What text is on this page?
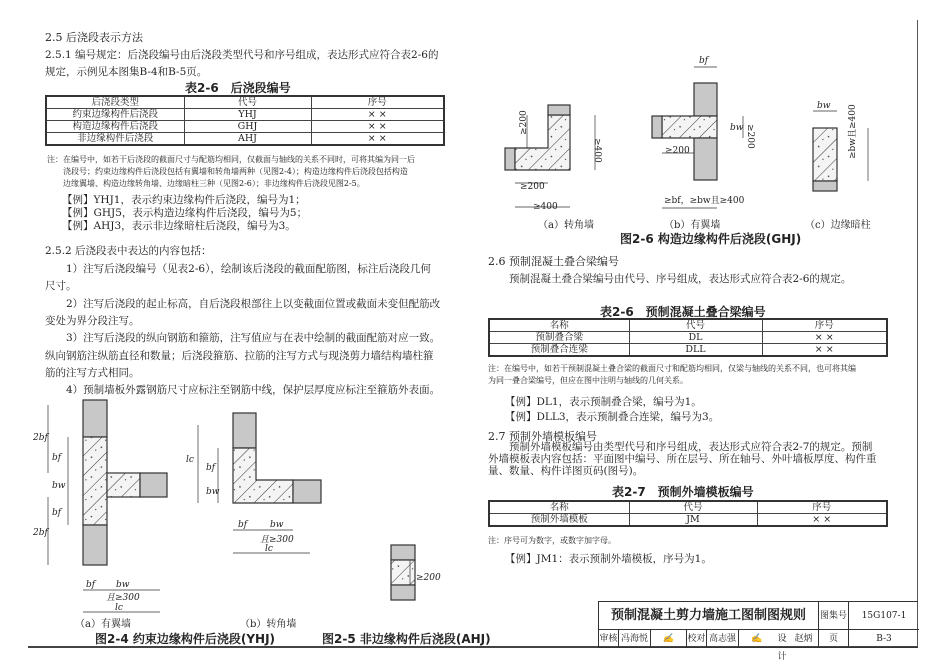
2.5 后浇段表示方法
2.5.1 编号规定：后浇段编号由后浇段类型代号和序号组成，表达形式应符合表2-6的
规定，示例见本图集B-4和B-5页。
表2-6　后浇段编号
后浇段类型	代号	序号
约束边缘构件后浇段	YHJ	× ×
构造边缘构件后浇段	GHJ	× ×
非边缘构件后浇段	AHJ	× ×
注：在编号中，如若干后浇段的截面尺寸与配筋均相同，仅截面与轴线的关系不同时，可将其编为同一后
　　浇段号；约束边缘构件后浇段包括有翼墙和转角墙两种（见图2-4）；构造边缘构件后浇段包括构造
　　边缘翼墙、构造边缘转角墙、边缘暗柱三种（见图2-6）；非边缘构件后浇段见图2-5。
【例】YHJ1，表示约束边缘构件后浇段，编号为1；
【例】GHJ5，表示构造边缘构件后浇段，编号为5；
【例】AHJ3，表示非边缘暗柱后浇段，编号为3。
2.5.2 后浇段表中表达的内容包括：
　　1）注写后浇段编号（见表2-6），绘制该后浇段的截面配筋图，标注后浇段几何
尺寸。
　　2）注写后浇段的起止标高，自后浇段根部往上以变截面位置或截面未变但配筋改
变处为界分段注写。
　　3）注写后浇段的纵向钢筋和箍筋，注写值应与在表中绘制的截面配筋对应一致。
纵向钢筋注纵筋直径和数量；后浇段箍筋、拉筋的注写方式与现浇剪力墙结构墙柱箍
筋的注写方式相同。
　　4）预制墙板外露钢筋尺寸应标注至钢筋中线，保护层厚度应标注至箍筋外表面。
2bf
2bf
bf
bw
bf
bf bw
且≥300
lc
lc
bf
bw
bf	bw
且≥300
lc
≥200
（a）有翼墙	（b）转角墙
图2-4 约束边缘构件后浇段(YHJ)	图2-5 非边缘构件后浇段(AHJ)
≥200
≥400
≥200
≥400
bf
bw ≥200
≥200
≥bf，≥bw且≥400
bw ≥bw且≥400
（a）转角墙	（b）有翼墙	（c）边缘暗柱
图2-6 构造边缘构件后浇段(GHJ)
2.6 预制混凝土叠合梁编号
　　预制混凝土叠合梁编号由代号、序号组成，表达形式应符合表2-6的规定。
表2-6　预制混凝土叠合梁编号
名称	代号	序号
预制叠合梁	DL	× ×
预制叠合连梁	DLL	× ×
注：在编号中，如若干预制混凝土叠合梁的截面尺寸和配筋均相同，仅梁与轴线的关系不同，也可将其编
为同一叠合梁编号，但应在图中注明与轴线的几何关系。
【例】DL1，表示预制叠合梁，编号为1。
【例】DLL3，表示预制叠合连梁，编号为3。
2.7 预制外墙模板编号
　　预制外墙模板编号由类型代号和序号组成，表达形式应符合表2-7的规定。预制
外墙模板表内容包括：平面图中编号、所在层号、所在轴号、外叶墙板厚度、构件重
量、数量、构件详图页码(图号)。
表2-7　预制外墙模板编号
名称	代号	序号
预制外墙模板	JM	× ×
注：序号可为数字，或数字加字母。
【例】JM1：表示预制外墙模板，序号为1。
预制混凝土剪力墙施工图制图规则	图集号	15G107-1
审核 冯海悦	✍	校对 高志强	✍	设计
赵炳	页	B-3
